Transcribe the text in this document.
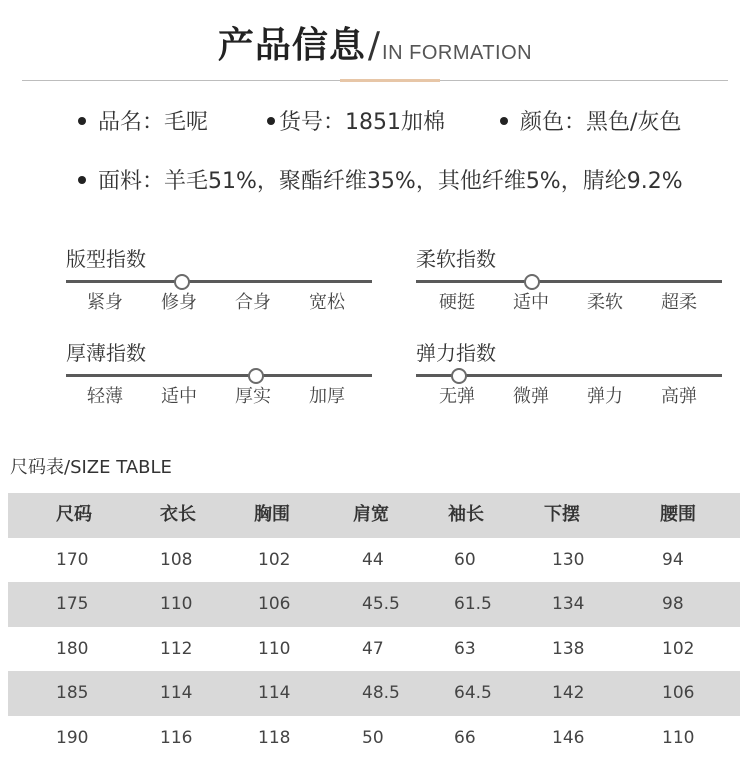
产品信息 / IN FORMATION
品名：毛呢	货号：1851加棉	颜色：黑色/灰色
面料：羊毛51%，聚酯纤维35%，其他纤维5%，腈纶9.2%
版型指数
紧身	修身	合身	宽松
柔软指数
硬挺	适中	柔软	超柔
厚薄指数
轻薄	适中	厚实	加厚
弹力指数
无弹	微弹	弹力	高弹
尺码表/SIZE TABLE
尺码	衣长	胸围	肩宽	袖长	下摆	腰围
170	108	102	44	60	130	94
175	110	106	45.5	61.5	134	98
180	112	110	47	63	138	102
185	114	114	48.5	64.5	142	106
190	116	118	50	66	146	110
